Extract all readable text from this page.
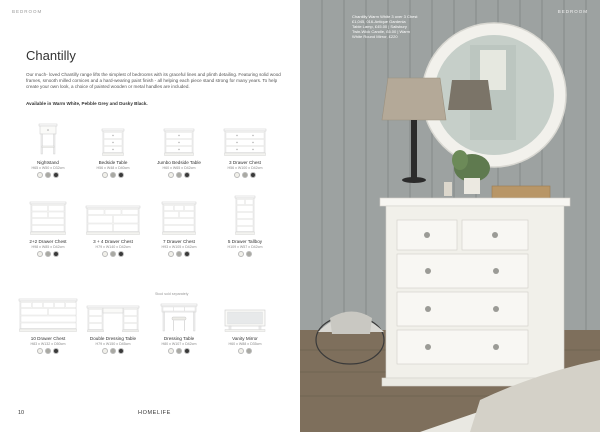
BEDROOM
Chantilly

Our much- loved Chantilly range lifts the simplest of bedrooms with its graceful lines and plinth detailing. Featuring solid wood frames, smooth milled cornices and a hard-wearing paint finish - all helping each piece stand strong for many years. To help create your own look, a choice of painted wooden or metal handles are included.

Available in Warm White, Pebble Grey and Dusky Black.
Nightstand
H65 x W50 x D32cm
Bedside Table
H56 x W48 x D40cm
Jumbo Bedside Table
H60 x W65 x D42cm
3 Drawer Chest
H56 x W100 x D42cm
2+2 Drawer Chest
H98 x W85 x D42cm
3 + 4 Drawer Chest
H79 x W140 x D42cm
7 Drawer Chest
H93 x W105 x D42cm
5 Drawer Tallboy
H109 x W57 x D42cm
10 Drawer Chest
H83 x W132 x D50cm
Double Dressing Table
H79 x W150 x D45cm
Stool sold separately
Dressing Table
H80 x W107 x D42cm
Vanity Mirror
H60 x W88 x D35cm
10	HOMELIFE
BEDROOM
Chantilly Warm White 3 over 3 Chest
£1,045, 016-Antique Gardenia
Table Lamp, £45.00 | Salisbury
Twin-Wick Candle, £6.00 | Warm
White Round Mirror, £220
